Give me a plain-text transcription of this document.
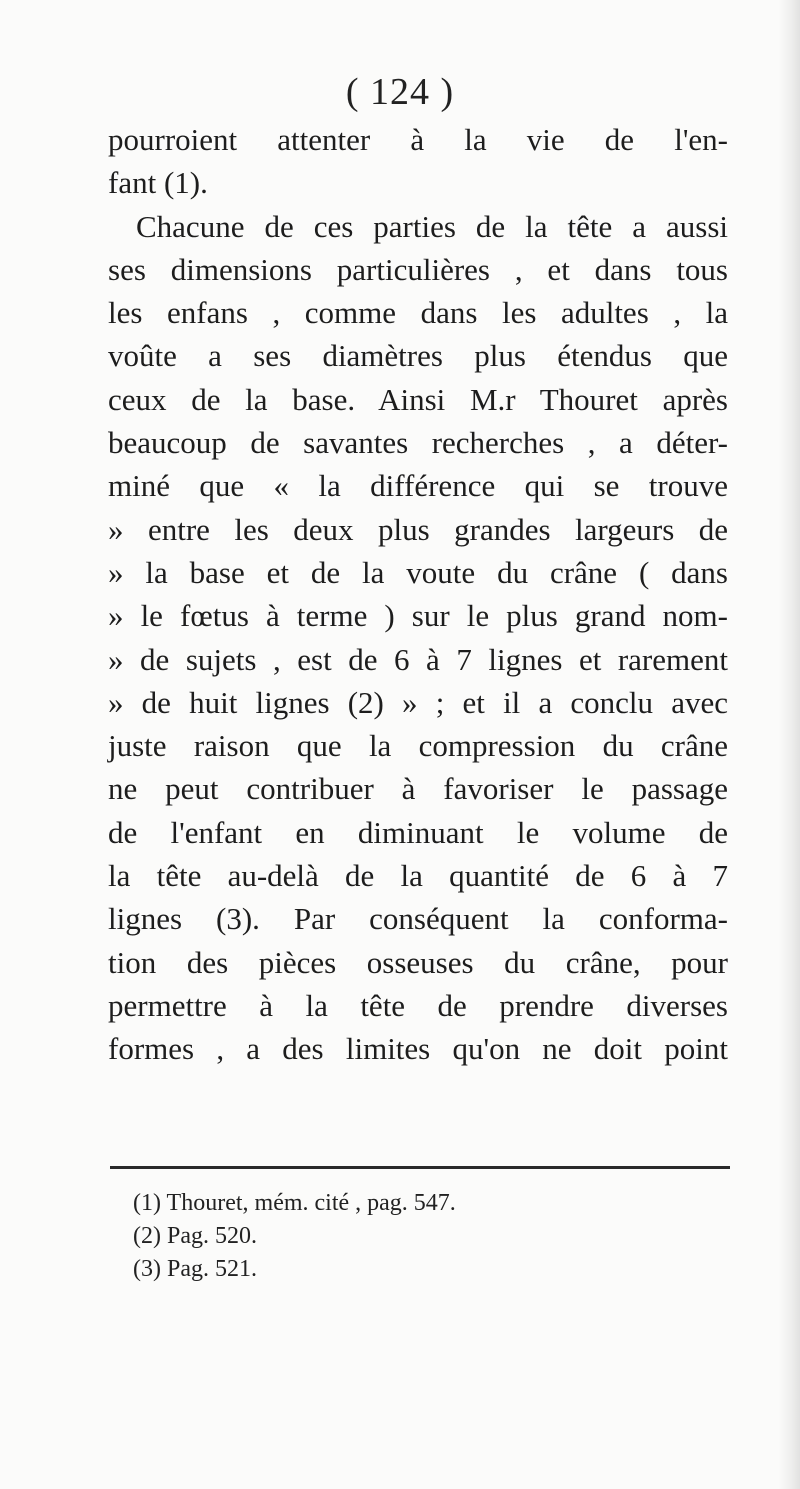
( 124 )
pourroient attenter à la vie de l'en-
fant (1).
Chacune de ces parties de la tête a aussi
ses dimensions particulières , et dans tous
les enfans , comme dans les adultes , la
voûte a ses diamètres plus étendus que
ceux de la base. Ainsi M.r Thouret après
beaucoup de savantes recherches , a déter-
miné que « la différence qui se trouve
» entre les deux plus grandes largeurs de
» la base et de la voute du crâne ( dans
» le fœtus à terme ) sur le plus grand nom-
» de sujets , est de 6 à 7 lignes et rarement
» de huit lignes (2) » ; et il a conclu avec
juste raison que la compression du crâne
ne peut contribuer à favoriser le passage
de l'enfant en diminuant le volume de
la tête au-delà de la quantité de 6 à 7
lignes (3). Par conséquent la conforma-
tion des pièces osseuses du crâne, pour
permettre à la tête de prendre diverses
formes , a des limites qu'on ne doit point
(1) Thouret, mém. cité , pag. 547.
(2) Pag. 520.
(3) Pag. 521.
